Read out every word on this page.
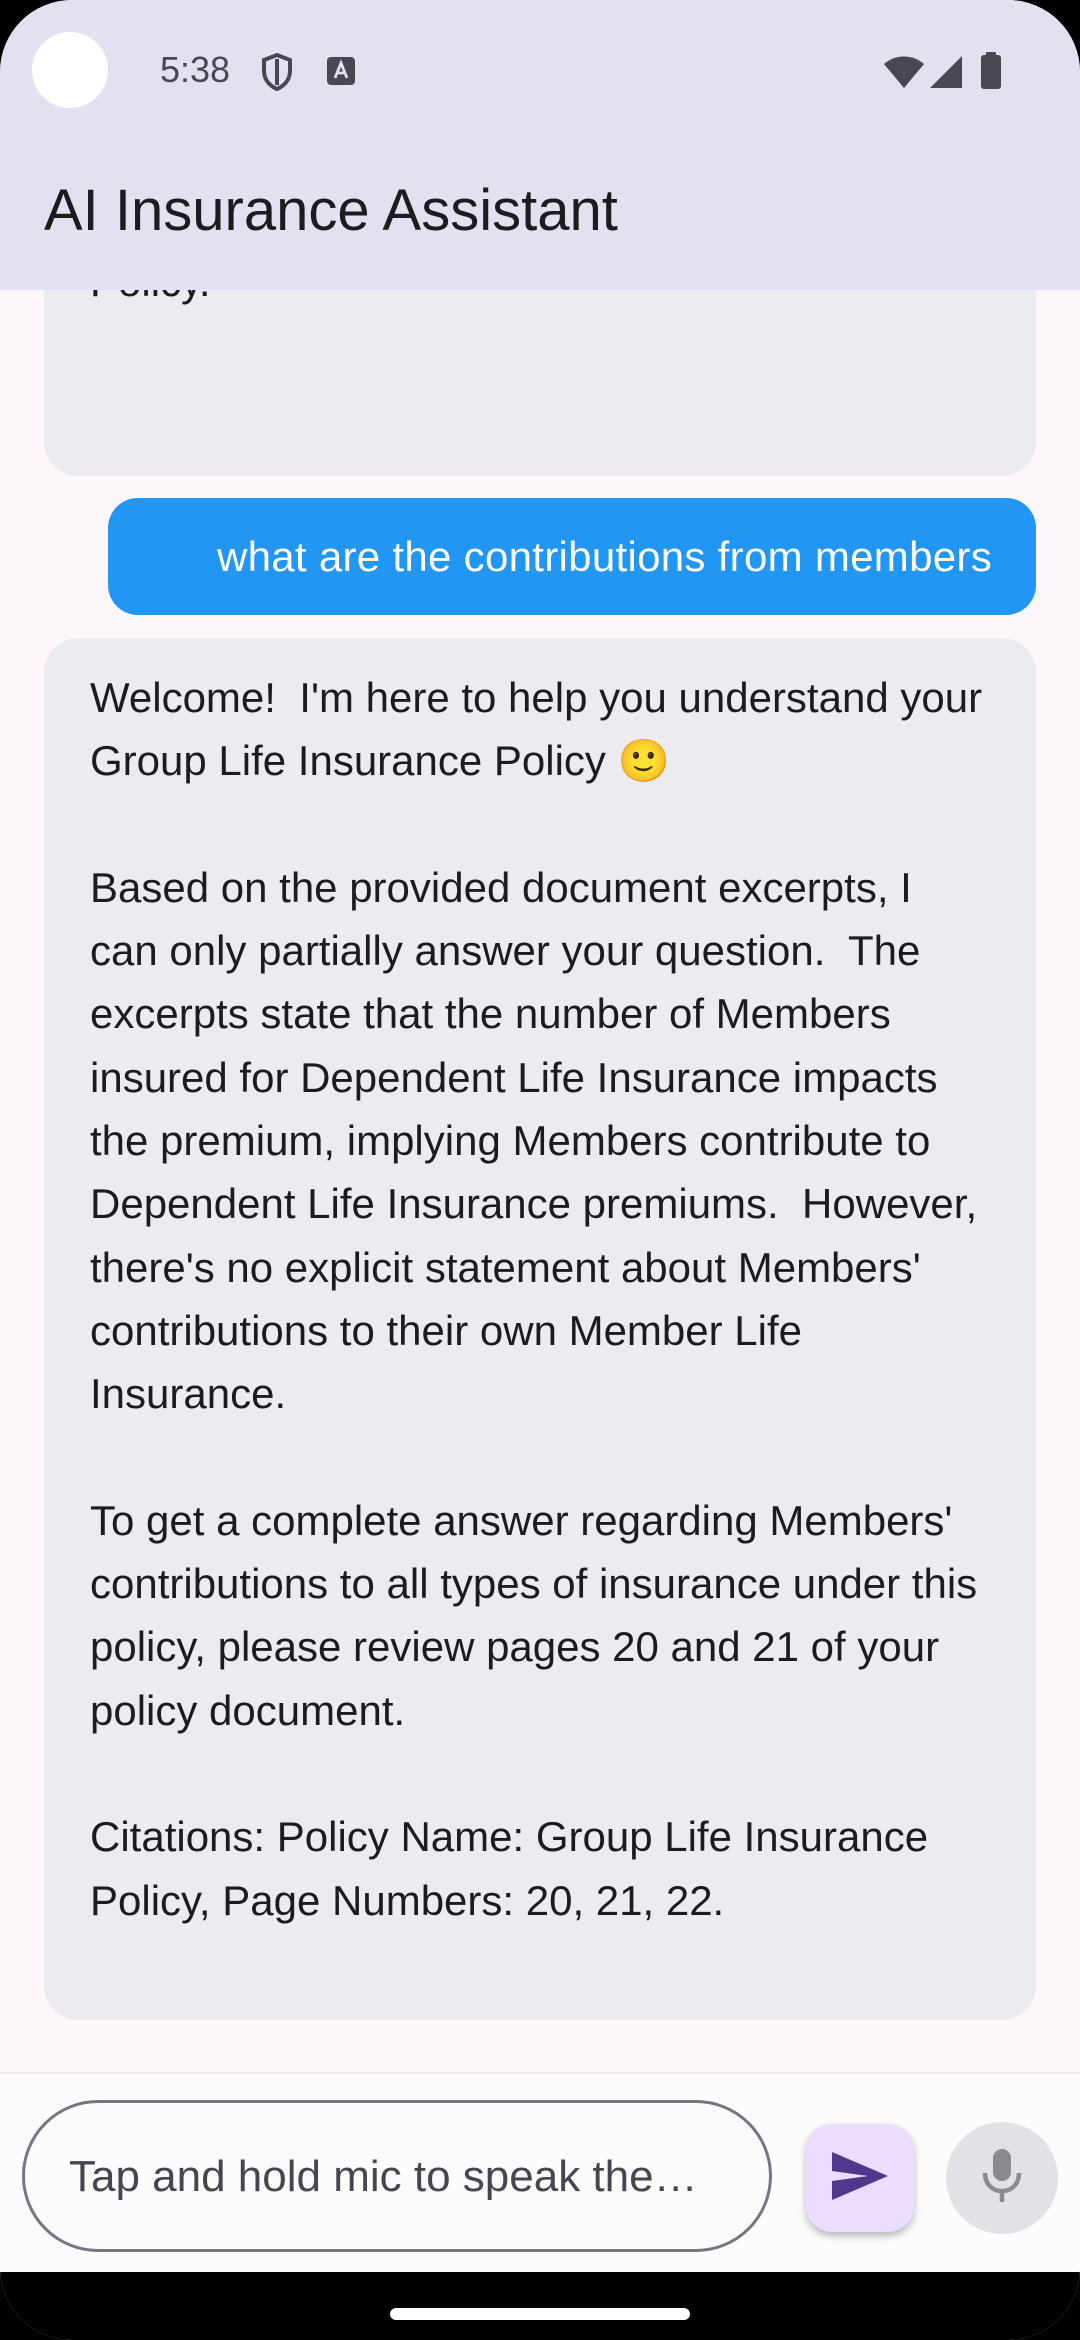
what are the contributions from members

Welcome!  I'm here to help you understand your Group Life Insurance Policy 🙂

Based on the provided document excerpts, I can only partially answer your question.  The excerpts state that the number of Members insured for Dependent Life Insurance impacts the premium, implying Members contribute to Dependent Life Insurance premiums.  However, there's no explicit statement about Members' contributions to their own Member Life Insurance.

To get a complete answer regarding Members' contributions to all types of insurance under this policy, please review pages 20 and 21 of your policy document.

Citations: Policy Name: Group Life Insurance Policy, Page Numbers: 20, 21, 22.

5:38
AI Insurance Assistant
Tap and hold mic to speak the…
